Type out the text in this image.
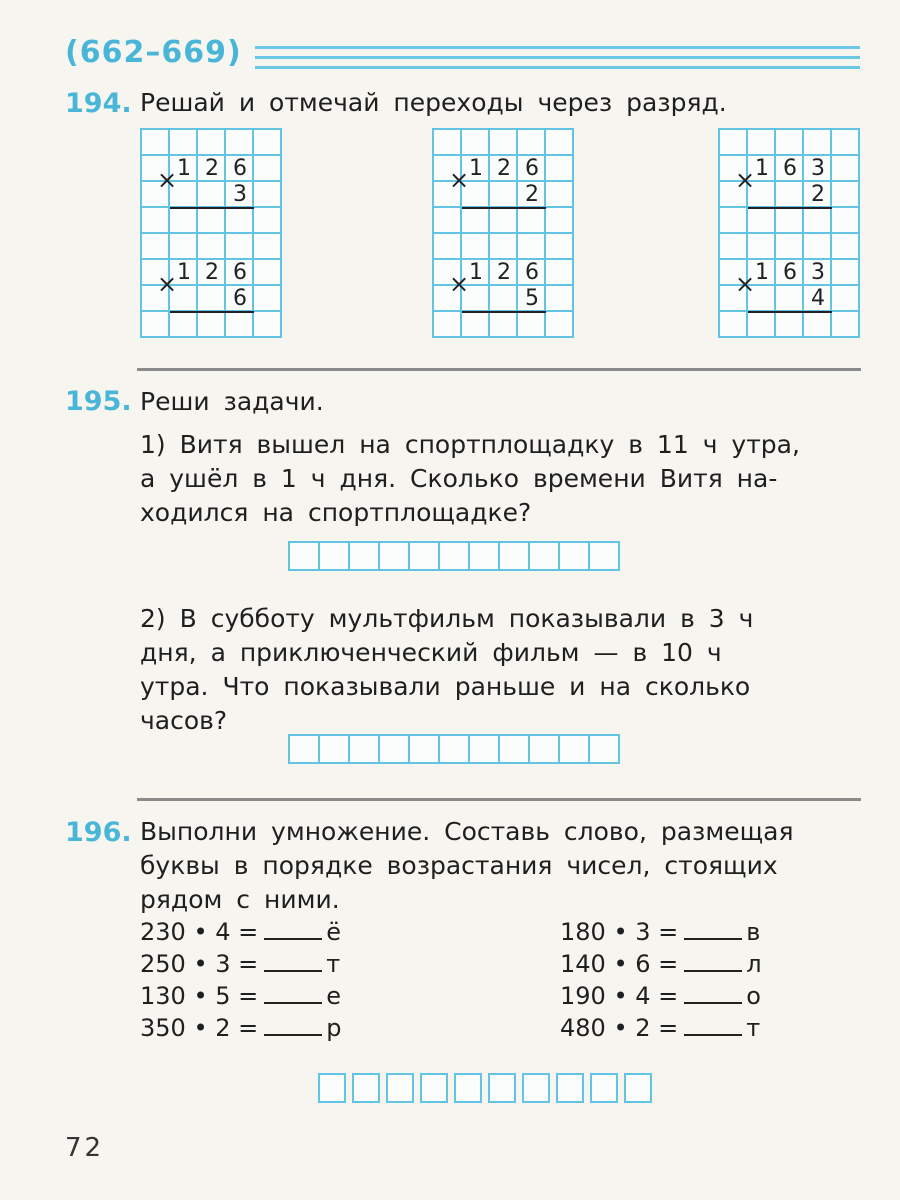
(662–669)
194. Решай и отмечай переходы через разряд.
× 1 2 6
3
× 1 2 6
6
× 1 2 6
2
× 1 2 6
5
× 1 6 3
2
× 1 6 3
4
195. Реши задачи.
1) Витя вышел на спортплощадку в 11 ч утра,
а ушёл в 1 ч дня. Сколько времени Витя на-
ходился на спортплощадке?
2) В субботу мультфильм показывали в 3 ч
дня, а приключенческий фильм — в 10 ч
утра. Что показывали раньше и на сколько
часов?
196. Выполни умножение. Составь слово, размещая
буквы в порядке возрастания чисел, стоящих
рядом с ними.
230 • 4 =	ё
250 • 3 =	т
130 • 5 =	е
350 • 2 =	р
180 • 3 =	в
140 • 6 =	л
190 • 4 =	о
480 • 2 =	т
72
